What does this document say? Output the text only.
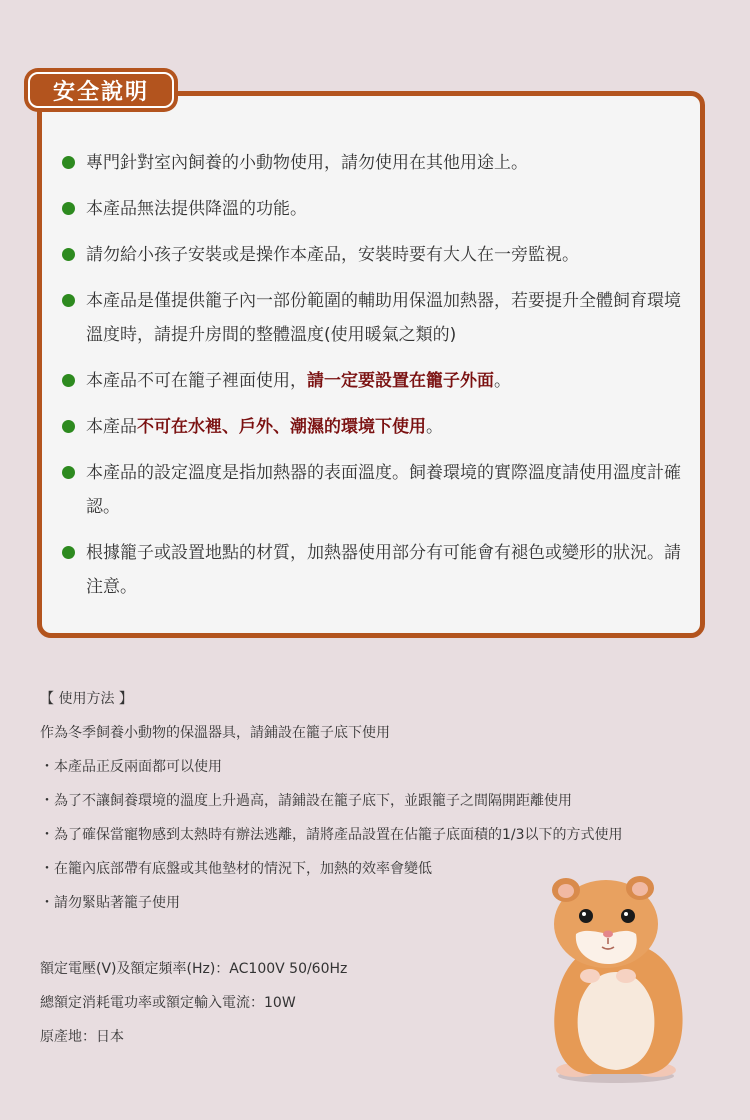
專門針對室內飼養的小動物使用，請勿使用在其他用途上。
本產品無法提供降溫的功能。
請勿給小孩子安裝或是操作本產品，安裝時要有大人在一旁監視。
本產品是僅提供籠子內一部份範圍的輔助用保溫加熱器，若要提升全體飼育環境溫度時，請提升房間的整體溫度(使用暖氣之類的)
本產品不可在籠子裡面使用，請一定要設置在籠子外面。
本產品不可在水裡、戶外、潮濕的環境下使用。
本產品的設定溫度是指加熱器的表面溫度。飼養環境的實際溫度請使用溫度計確認。
根據籠子或設置地點的材質，加熱器使用部分有可能會有褪色或變形的狀況。請注意。
安全說明

【 使用方法 】

作為冬季飼養小動物的保溫器具，請鋪設在籠子底下使用

・本產品正反兩面都可以使用

・為了不讓飼養環境的溫度上升過高，請鋪設在籠子底下，並跟籠子之間隔開距離使用

・為了確保當寵物感到太熱時有辦法逃離，請將產品設置在佔籠子底面積的1/3以下的方式使用

・在籠內底部帶有底盤或其他墊材的情況下，加熱的效率會變低

・請勿緊貼著籠子使用

額定電壓(V)及額定頻率(Hz)：AC100V 50/60Hz

總額定消耗電功率或額定輸入電流：10W

原產地：日本
